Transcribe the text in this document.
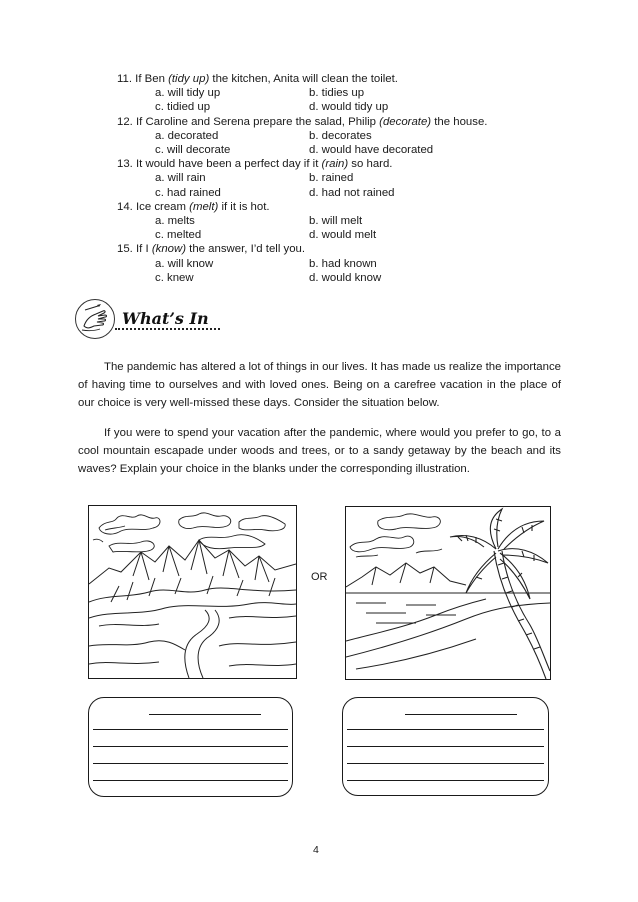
11. If Ben (tidy up) the kitchen, Anita will clean the toilet.
a. will tidy up	b. tidies up
c. tidied up	d. would tidy up
12. If Caroline and Serena prepare the salad, Philip (decorate) the house.
a. decorated	b. decorates
c. will decorate	d. would have decorated
13. It would have been a perfect day if it (rain) so hard.
a. will rain	b. rained
c. had rained	d. had not rained
14. Ice cream (melt) if it is hot.
a. melts	b. will melt
c. melted	d. would melt
15. If I (know) the answer, I’d tell you.
a. will know	b. had known
c. knew	d. would know
What’s In
The pandemic has altered a lot of things in our lives. It has made us realize the importance of having time to ourselves and with loved ones. Being on a carefree vacation in the place of our choice is very well-missed these days. Consider the situation below.
If you were to spend your vacation after the pandemic, where would you prefer to go, to a cool mountain escapade under woods and trees, or to a sandy getaway by the beach and its waves? Explain your choice in the blanks under the corresponding illustration.
OR
4
